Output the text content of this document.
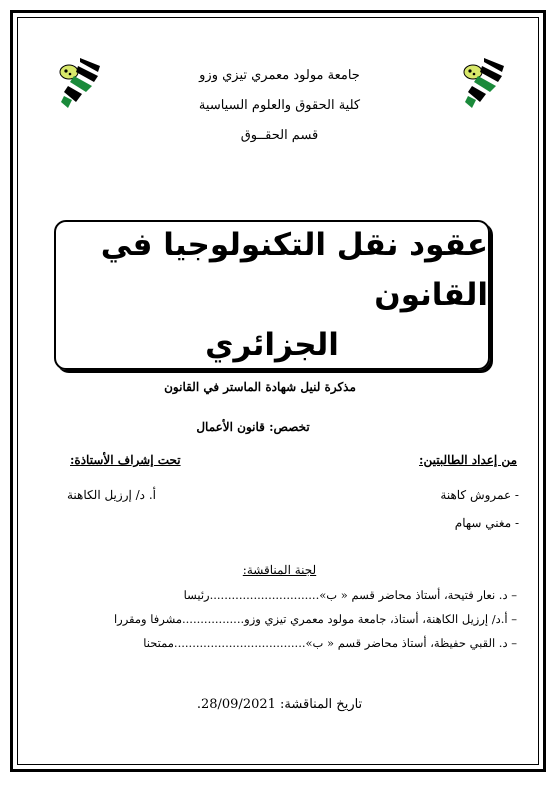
جامعة مولود معمري تيزي وزو
كلية الحقوق والعلوم السياسية
قسم الحقــوق
عقود نقل التكنولوجيا في القانون
الجزائري
مذكرة لنيل شهادة الماستر في القانون
تخصص: قانون الأعمال
من إعداد الطالبتين:
تحت إشراف الأستاذة:
- عمروش كاهنة
- مغني سهام
أ. د/ إرزيل الكاهنة
لجنة المناقشة:
– د. نعار فتيحة، أستاذ محاضر قسم « ب»..............................رئيسا
– أ.د/ إرزيل الكاهنة، أستاذ، جامعة مولود معمري تيزي وزو.................مشرفا ومقررا
– د. القبي حفيظة، أستاذ محاضر قسم « ب»....................................ممتحنا
تاريخ المناقشة: 28/09/2021.
